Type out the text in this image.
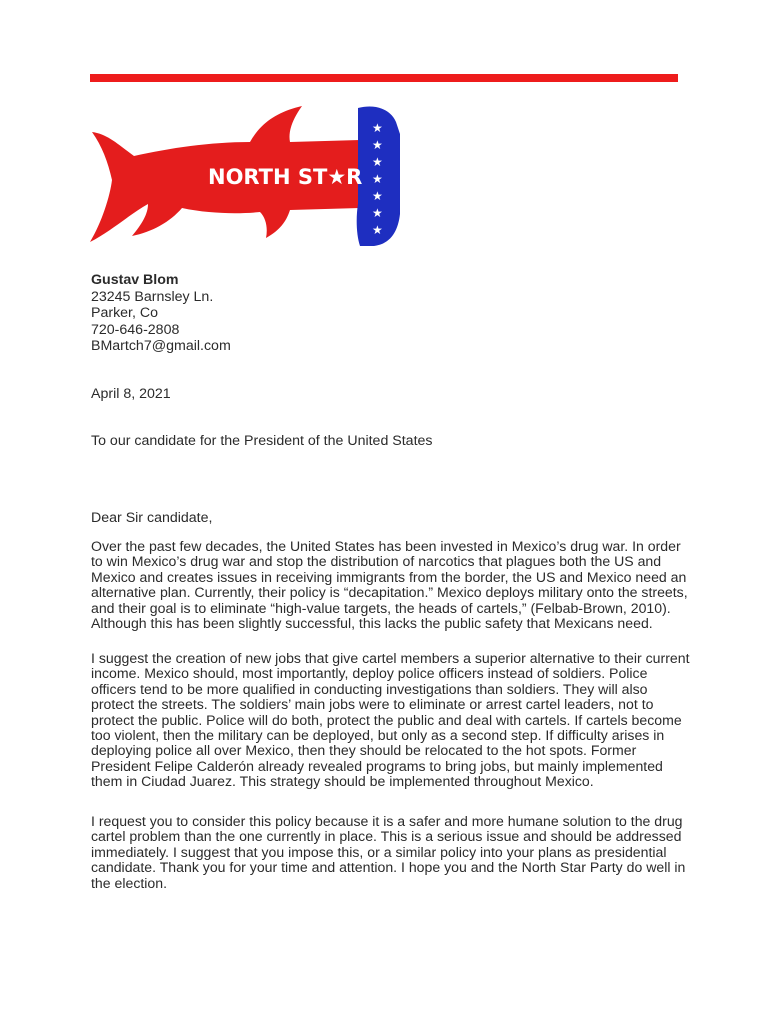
★
★
★
★
★
★
★
NORTH ST★R
Gustav Blom
23245 Barnsley Ln.
Parker, Co
720-646-2808
BMartch7@gmail.com
April 8, 2021
To our candidate for the President of the United States
Dear Sir candidate,

Over the past few decades, the United States has been invested in Mexico’s drug war. In order to win Mexico’s drug war and stop the distribution of narcotics that plagues both the US and Mexico and creates issues in receiving immigrants from the border, the US and Mexico need an alternative plan. Currently, their policy is “decapitation.” Mexico deploys military onto the streets, and their goal is to eliminate “high-value targets, the heads of cartels,” (Felbab-Brown, 2010). Although this has been slightly successful, this lacks the public safety that Mexicans need.

I suggest the creation of new jobs that give cartel members a superior alternative to their current income. Mexico should, most importantly, deploy police officers instead of soldiers. Police officers tend to be more qualified in conducting investigations than soldiers. They will also protect the streets. The soldiers’ main jobs were to eliminate or arrest cartel leaders, not to protect the public. Police will do both, protect the public and deal with cartels. If cartels become too violent, then the military can be deployed, but only as a second step. If difficulty arises in deploying police all over Mexico, then they should be relocated to the hot spots. Former President Felipe Calderón already revealed programs to bring jobs, but mainly implemented them in Ciudad Juarez. This strategy should be implemented throughout Mexico.

I request you to consider this policy because it is a safer and more humane solution to the drug cartel problem than the one currently in place. This is a serious issue and should be addressed immediately. I suggest that you impose this, or a similar policy into your plans as presidential candidate. Thank you for your time and attention. I hope you and the North Star Party do well in the election.
